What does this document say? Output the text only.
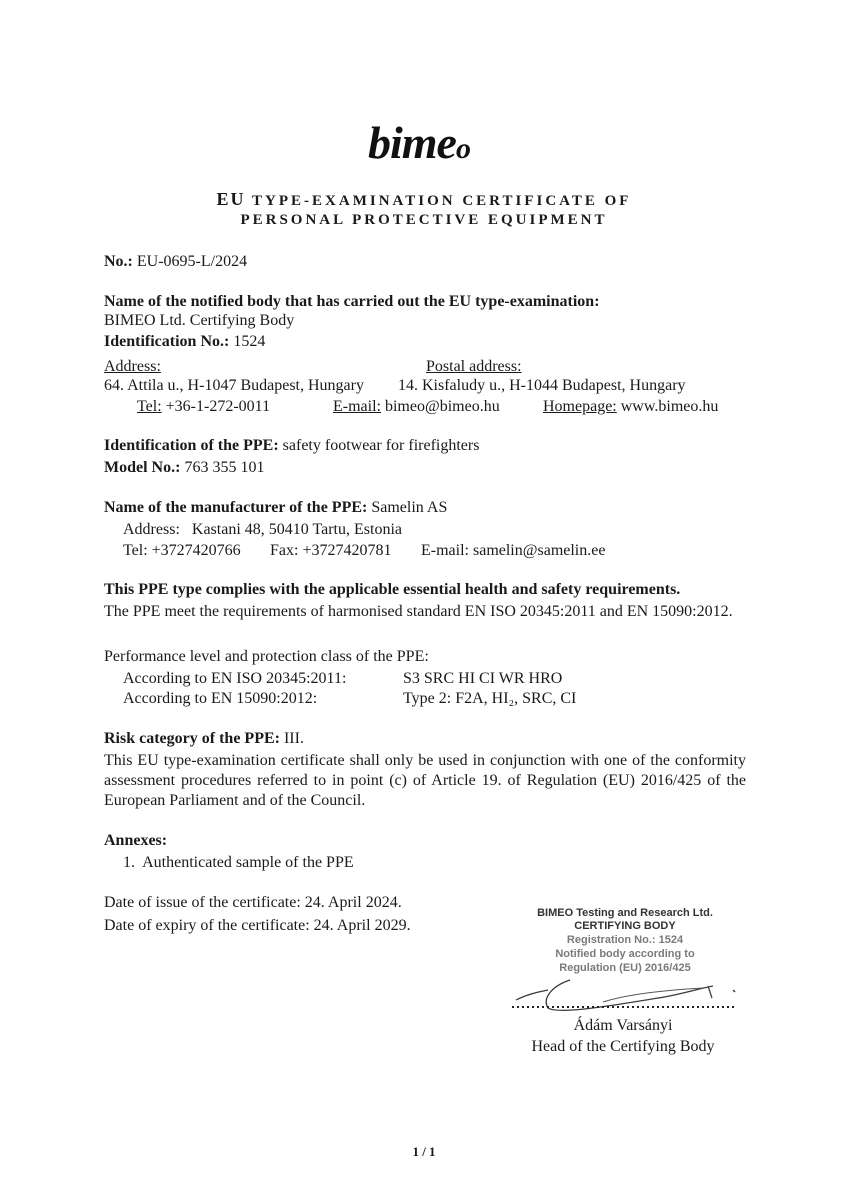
bimeo
EU TYPE-EXAMINATION CERTIFICATE OF
PERSONAL PROTECTIVE EQUIPMENT
No.: EU-0695-L/2024
Name of the notified body that has carried out the EU type-examination:
BIMEO Ltd. Certifying Body
Identification No.: 1524
Address:	Postal address:
64. Attila u., H-1047 Budapest, Hungary 14. Kisfaludy u., H-1044 Budapest, Hungary
Tel: +36-1-272-0011	E-mail: bimeo@bimeo.hu	Homepage: www.bimeo.hu
Identification of the PPE: safety footwear for firefighters
Model No.: 763 355 101
Name of the manufacturer of the PPE: Samelin AS
Address:   Kastani 48, 50410 Tartu, Estonia
Tel: +3727420766 Fax: +3727420781 E-mail: samelin@samelin.ee
This PPE type complies with the applicable essential health and safety requirements.
The PPE meet the requirements of harmonised standard EN ISO 20345:2011 and EN 15090:2012.
Performance level and protection class of the PPE:
According to EN ISO 20345:2011:	S3 SRC HI CI WR HRO
According to EN 15090:2012:	Type 2: F2A, HI₂, SRC, CI
Risk category of the PPE: III.
This EU type-examination certificate shall only be used in conjunction with one of the conformity assessment procedures referred to in point (c) of Article 19. of Regulation (EU) 2016/425 of the European Parliament and of the Council.
Annexes:
1.  Authenticated sample of the PPE
Date of issue of the certificate: 24. April 2024.
Date of expiry of the certificate: 24. April 2029.
BIMEO Testing and Research Ltd.
CERTIFYING BODY
Registration No.: 1524
Notified body according to
Regulation (EU) 2016/425
Ádám Varsányi
Head of the Certifying Body
1 / 1
